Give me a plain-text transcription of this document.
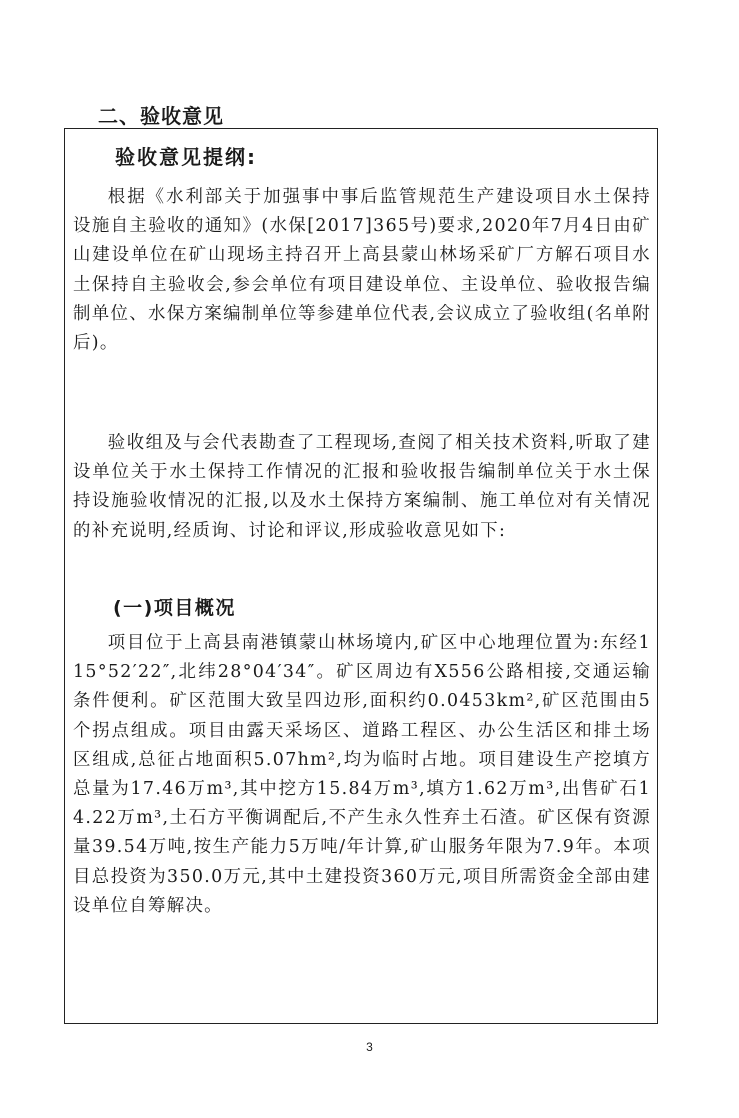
二、验收意见
验收意见提纲:
根据《水利部关于加强事中事后监管规范生产建设项目水土保持设施自主验收的通知》(水保[2017]365号)要求,2020年7月4日由矿山建设单位在矿山现场主持召开上高县蒙山林场采矿厂方解石项目水土保持自主验收会,参会单位有项目建设单位、主设单位、验收报告编制单位、水保方案编制单位等参建单位代表,会议成立了验收组(名单附后)。
验收组及与会代表勘查了工程现场,查阅了相关技术资料,听取了建设单位关于水土保持工作情况的汇报和验收报告编制单位关于水土保持设施验收情况的汇报,以及水土保持方案编制、施工单位对有关情况的补充说明,经质询、讨论和评议,形成验收意见如下:
(一)项目概况
项目位于上高县南港镇蒙山林场境内,矿区中心地理位置为:东经115°52′22″,北纬28°04′34″。矿区周边有X556公路相接,交通运输条件便利。矿区范围大致呈四边形,面积约0.0453km²,矿区范围由5个拐点组成。项目由露天采场区、道路工程区、办公生活区和排土场区组成,总征占地面积5.07hm²,均为临时占地。项目建设生产挖填方总量为17.46万m³,其中挖方15.84万m³,填方1.62万m³,出售矿石14.22万m³,土石方平衡调配后,不产生永久性弃土石渣。矿区保有资源量39.54万吨,按生产能力5万吨/年计算,矿山服务年限为7.9年。本项目总投资为350.0万元,其中土建投资360万元,项目所需资金全部由建设单位自筹解决。
3
